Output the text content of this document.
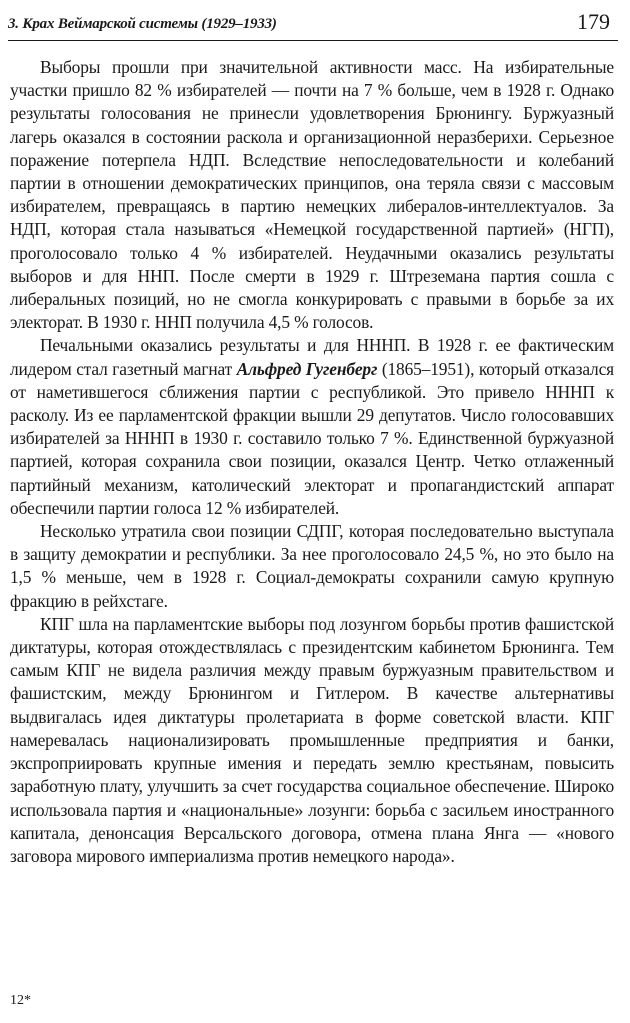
3. Крах Веймарской системы (1929–1933)	179

Выборы прошли при значительной активности масс. На избирательные участки пришло 82 % избирателей — почти на 7 % больше, чем в 1928 г. Однако результаты голосования не принесли удовлетворения Брюнингу. Буржуазный лагерь оказался в состоянии раскола и организационной неразберихи. Серьезное поражение потерпела НДП. Вследствие непоследовательности и колебаний партии в отношении демократических принципов, она теряла связи с массовым избирателем, превращаясь в партию немецких либералов-интеллектуалов. За НДП, которая стала называться «Немецкой государственной партией» (НГП), проголосовало только 4 % избирателей. Неудачными оказались результаты выборов и для ННП. После смерти в 1929 г. Штреземана партия сошла с либеральных позиций, но не смогла конкурировать с правыми в борьбе за их электорат. В 1930 г. ННП получила 4,5 % голосов.

Печальными оказались результаты и для НННП. В 1928 г. ее фактическим лидером стал газетный магнат Альфред Гугенберг (1865–1951), который отказался от наметившегося сближения партии с республикой. Это привело НННП к расколу. Из ее парламентской фракции вышли 29 депутатов. Число голосовавших избирателей за НННП в 1930 г. составило только 7 %. Единственной буржуазной партией, которая сохранила свои позиции, оказался Центр. Четко отлаженный партийный механизм, католический электорат и пропагандистский аппарат обеспечили партии голоса 12 % избирателей.

Несколько утратила свои позиции СДПГ, которая последовательно выступала в защиту демократии и республики. За нее проголосовало 24,5 %, но это было на 1,5 % меньше, чем в 1928 г. Социал-демократы сохранили самую крупную фракцию в рейхстаге.

КПГ шла на парламентские выборы под лозунгом борьбы против фашистской диктатуры, которая отождествлялась с президентским кабинетом Брюнинга. Тем самым КПГ не видела различия между правым буржуазным правительством и фашистским, между Брюнингом и Гитлером. В качестве альтернативы выдвигалась идея диктатуры пролетариата в форме советской власти. КПГ намеревалась национализировать промышленные предприятия и банки, экспроприировать крупные имения и передать землю крестьянам, повысить заработную плату, улучшить за счет государства социальное обеспечение. Широко использовала партия и «национальные» лозунги: борьба с засильем иностранного капитала, денонсация Версальского договора, отмена плана Янга — «нового заговора мирового империализма против немецкого народа».

12*
